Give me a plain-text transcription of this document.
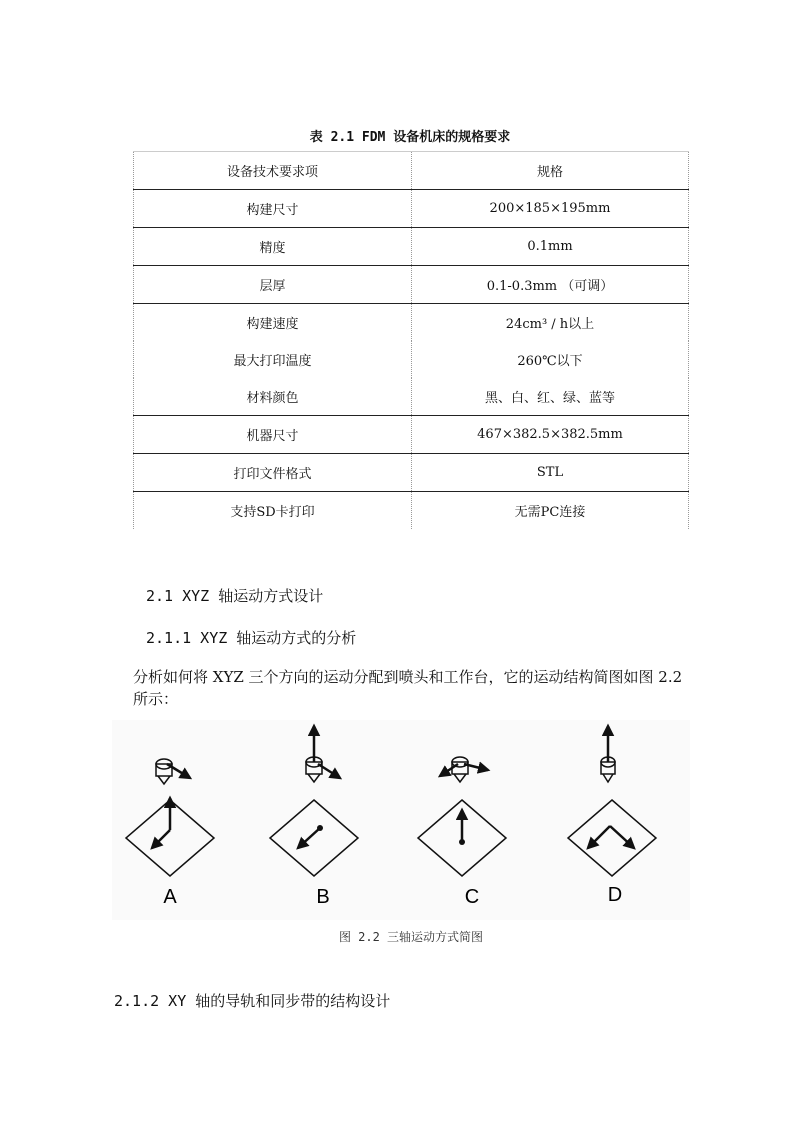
表 2.1 FDM 设备机床的规格要求
设备技术要求项	规格
构建尺寸	200×185×195mm
精度	0.1mm
层厚	0.1-0.3mm （可调）
构建速度	24cm³ / h以上
最大打印温度	260℃以下
材料颜色	黑、白、红、绿、蓝等
机器尺寸	467×382.5×382.5mm
打印文件格式	STL
支持SD卡打印	无需PC连接
2.1 XYZ 轴运动方式设计
2.1.1 XYZ 轴运动方式的分析
分析如何将 XYZ 三个方向的运动分配到喷头和工作台，它的运动结构简图如图 2.2 所示：
A	B	C	D
图 2.2 三轴运动方式简图
2.1.2 XY 轴的导轨和同步带的结构设计
